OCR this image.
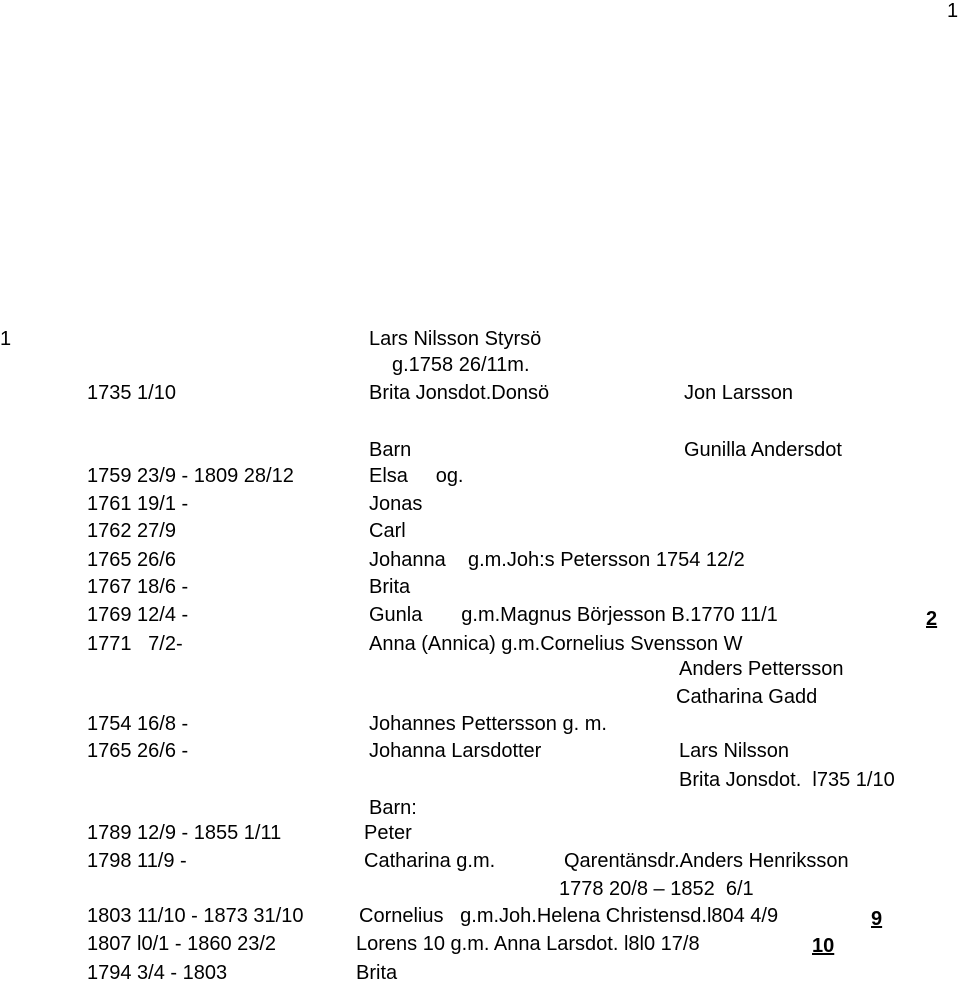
1
1	Lars Nilsson Styrsö
g.1758 26/11m.
1735 1/10	Brita Jonsdot.Donsö	Jon Larsson
Barn	Gunilla Andersdot
1759 23/9 - 1809 28/12	Elsa     og.
1761 19/1 -	Jonas
1762 27/9	Carl
1765 26/6	Johanna    g.m.Joh:s Petersson 1754 12/2
1767 18/6 -	Brita
1769 12/4 -	Gunla       g.m.Magnus Börjesson B.1770 11/1	2
1771   7/2-	Anna (Annica) g.m.Cornelius Svensson W
Anders Pettersson
Catharina Gadd
1754 16/8 -	Johannes Pettersson g. m.
1765 26/6 -	Johanna Larsdotter	Lars Nilsson
Brita Jonsdot.  l735 1/10
Barn:
1789 12/9 - 1855 1/11	Peter
1798 11/9 -	Catharina g.m.	Qarentänsdr.Anders Henriksson
1778 20/8 – 1852  6/1
1803 11/10 - 1873 31/10	Cornelius   g.m.Joh.Helena Christensd.l804 4/9	9
1807 l0/1 - 1860 23/2	Lorens 10 g.m. Anna Larsdot. l8l0 17/8	10
1794 3/4 - 1803	Brita
